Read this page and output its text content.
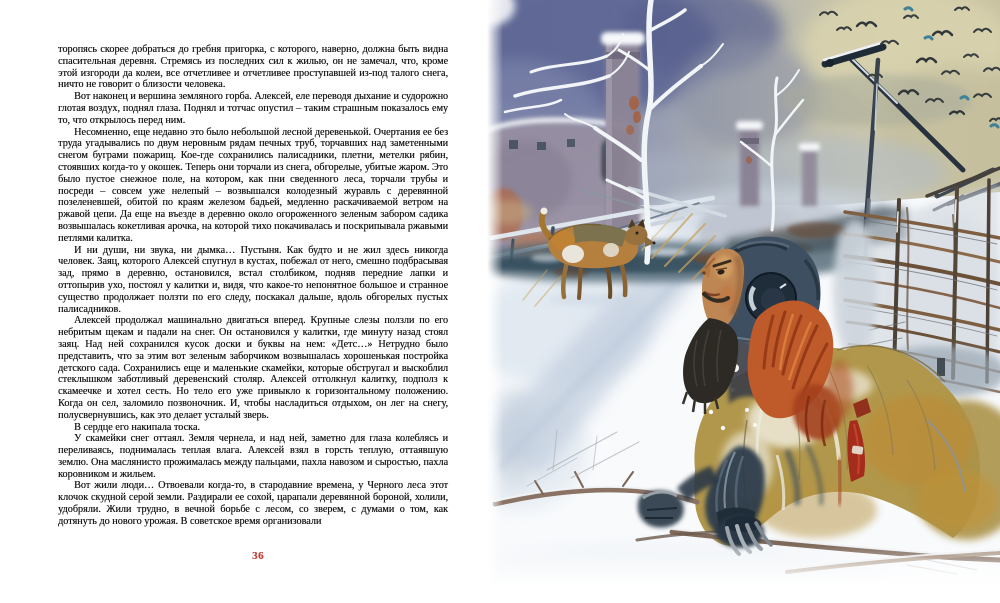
торопясь скорее добраться до гребня пригорка, с которого, наверно, должна быть видна спасительная деревня. Стремясь из последних сил к жилью, он не замечал, что, кроме этой изгороди да колеи, все отчетливее и отчетливее проступавшей из-под талого снега, ничто не говорит о близости человека.

Вот наконец и вершина земляного горба. Алексей, еле переводя дыхание и судорожно глотая воздух, поднял глаза. Поднял и тотчас опустил – таким страшным показалось ему то, что открылось перед ним.

Несомненно, еще недавно это было небольшой лесной деревенькой. Очертания ее без труда угадывались по двум неровным рядам печных труб, торчавших над заметенными снегом буграми пожарищ. Кое-где сохранились палисадники, плетни, метелки рябин, стоявших когда-то у окошек. Теперь они торчали из снега, обгорелые, убитые жаром. Это было пустое снежное поле, на котором, как пни сведенного леса, торчали трубы и посреди – совсем уже нелепый – возвышался колодезный журавль с деревянной позеленевшей, обитой по краям железом бадьей, медленно раскачиваемой ветром на ржавой цепи. Да еще на въезде в деревню около огороженного зеленым забором садика возвышалась кокетливая арочка, на которой тихо покачивалась и поскрипывала ржавыми петлями калитка.

И ни души, ни звука, ни дымка… Пустыня. Как будто и не жил здесь никогда человек. Заяц, которого Алексей спугнул в кустах, побежал от него, смешно подбрасывая зад, прямо в деревню, остановился, встал столбиком, подняв передние лапки и оттопырив ухо, постоял у калитки и, видя, что какое-то непонятное большое и странное существо продолжает ползти по его следу, поскакал дальше, вдоль обгорелых пустых палисадников.

Алексей продолжал машинально двигаться вперед. Крупные слезы ползли по его небритым щекам и падали на снег. Он остановился у калитки, где минуту назад стоял заяц. Над ней сохранился кусок доски и буквы на нем: «Детс…» Нетрудно было представить, что за этим вот зеленым заборчиком возвышалась хорошенькая постройка детского сада. Сохранились еще и маленькие скамейки, которые обстругал и выскоблил стеклышком заботливый деревенский столяр. Алексей оттолкнул калитку, подполз к скамеечке и хотел сесть. Но тело его уже привыкло к горизонтальному положению. Когда он сел, заломило позвоночник. И, чтобы насладиться отдыхом, он лег на снегу, полусвернувшись, как это делает усталый зверь.

В сердце его накипала тоска.

У скамейки снег оттаял. Земля чернела, и над ней, заметно для глаза колеблясь и переливаясь, поднималась теплая влага. Алексей взял в горсть теплую, оттаявшую землю. Она маслянисто прожималась между пальцами, пахла навозом и сыростью, пахла коровником и жильем.

Вот жили люди… Отвоевали когда-то, в стародавние времена, у Черного леса этот клочок скудной серой земли. Раздирали ее сохой, царапали деревянной бороной, холили, удобряли. Жили трудно, в вечной борьбе с лесом, со зверем, с думами о том, как дотянуть до нового урожая. В советское время организовали

36
